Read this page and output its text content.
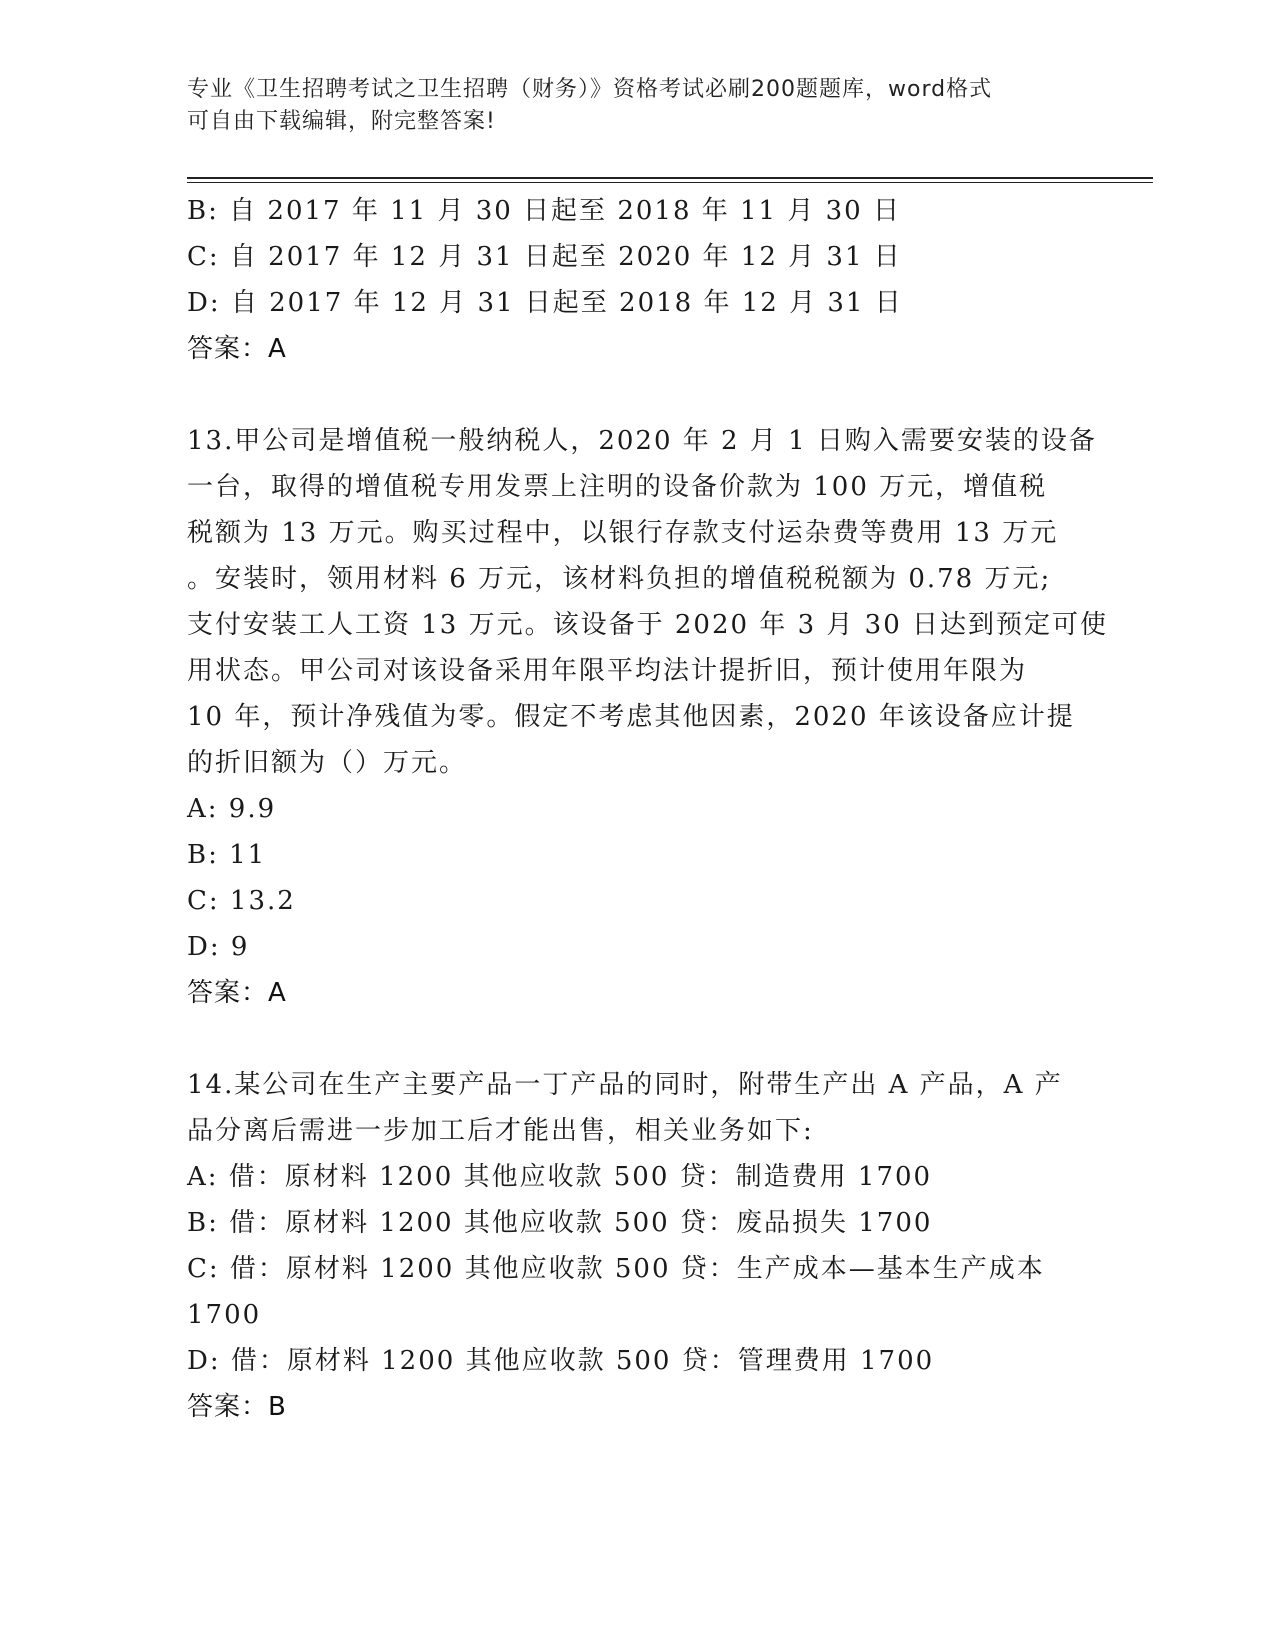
专业《卫生招聘考试之卫生招聘（财务）》资格考试必刷200题题库，word格式
可自由下载编辑，附完整答案!

B: 自 2017 年 11 月 30 日起至 2018 年 11 月 30 日

C: 自 2017 年 12 月 31 日起至 2020 年 12 月 31 日

D: 自 2017 年 12 月 31 日起至 2018 年 12 月 31 日

答案：A

13.甲公司是增值税一般纳税人，2020 年 2 月 1 日购入需要安装的设备

一台，取得的增值税专用发票上注明的设备价款为 100 万元，增值税

税额为 13 万元。购买过程中，以银行存款支付运杂费等费用 13 万元

。安装时，领用材料 6 万元，该材料负担的增值税税额为 0.78 万元;

支付安装工人工资 13 万元。该设备于 2020 年 3 月 30 日达到预定可使

用状态。甲公司对该设备采用年限平均法计提折旧，预计使用年限为

10 年，预计净残值为零。假定不考虑其他因素，2020 年该设备应计提

的折旧额为（）万元。

A: 9.9

B: 11

C: 13.2

D: 9

答案：A

14.某公司在生产主要产品一丁产品的同时，附带生产出 A 产品，A 产

品分离后需进一步加工后才能出售，相关业务如下:

A: 借：原材料 1200 其他应收款 500 贷：制造费用 1700

B: 借：原材料 1200 其他应收款 500 贷：废品损失 1700

C: 借：原材料 1200 其他应收款 500 贷：生产成本—基本生产成本

1700

D: 借：原材料 1200 其他应收款 500 贷：管理费用 1700

答案：B
